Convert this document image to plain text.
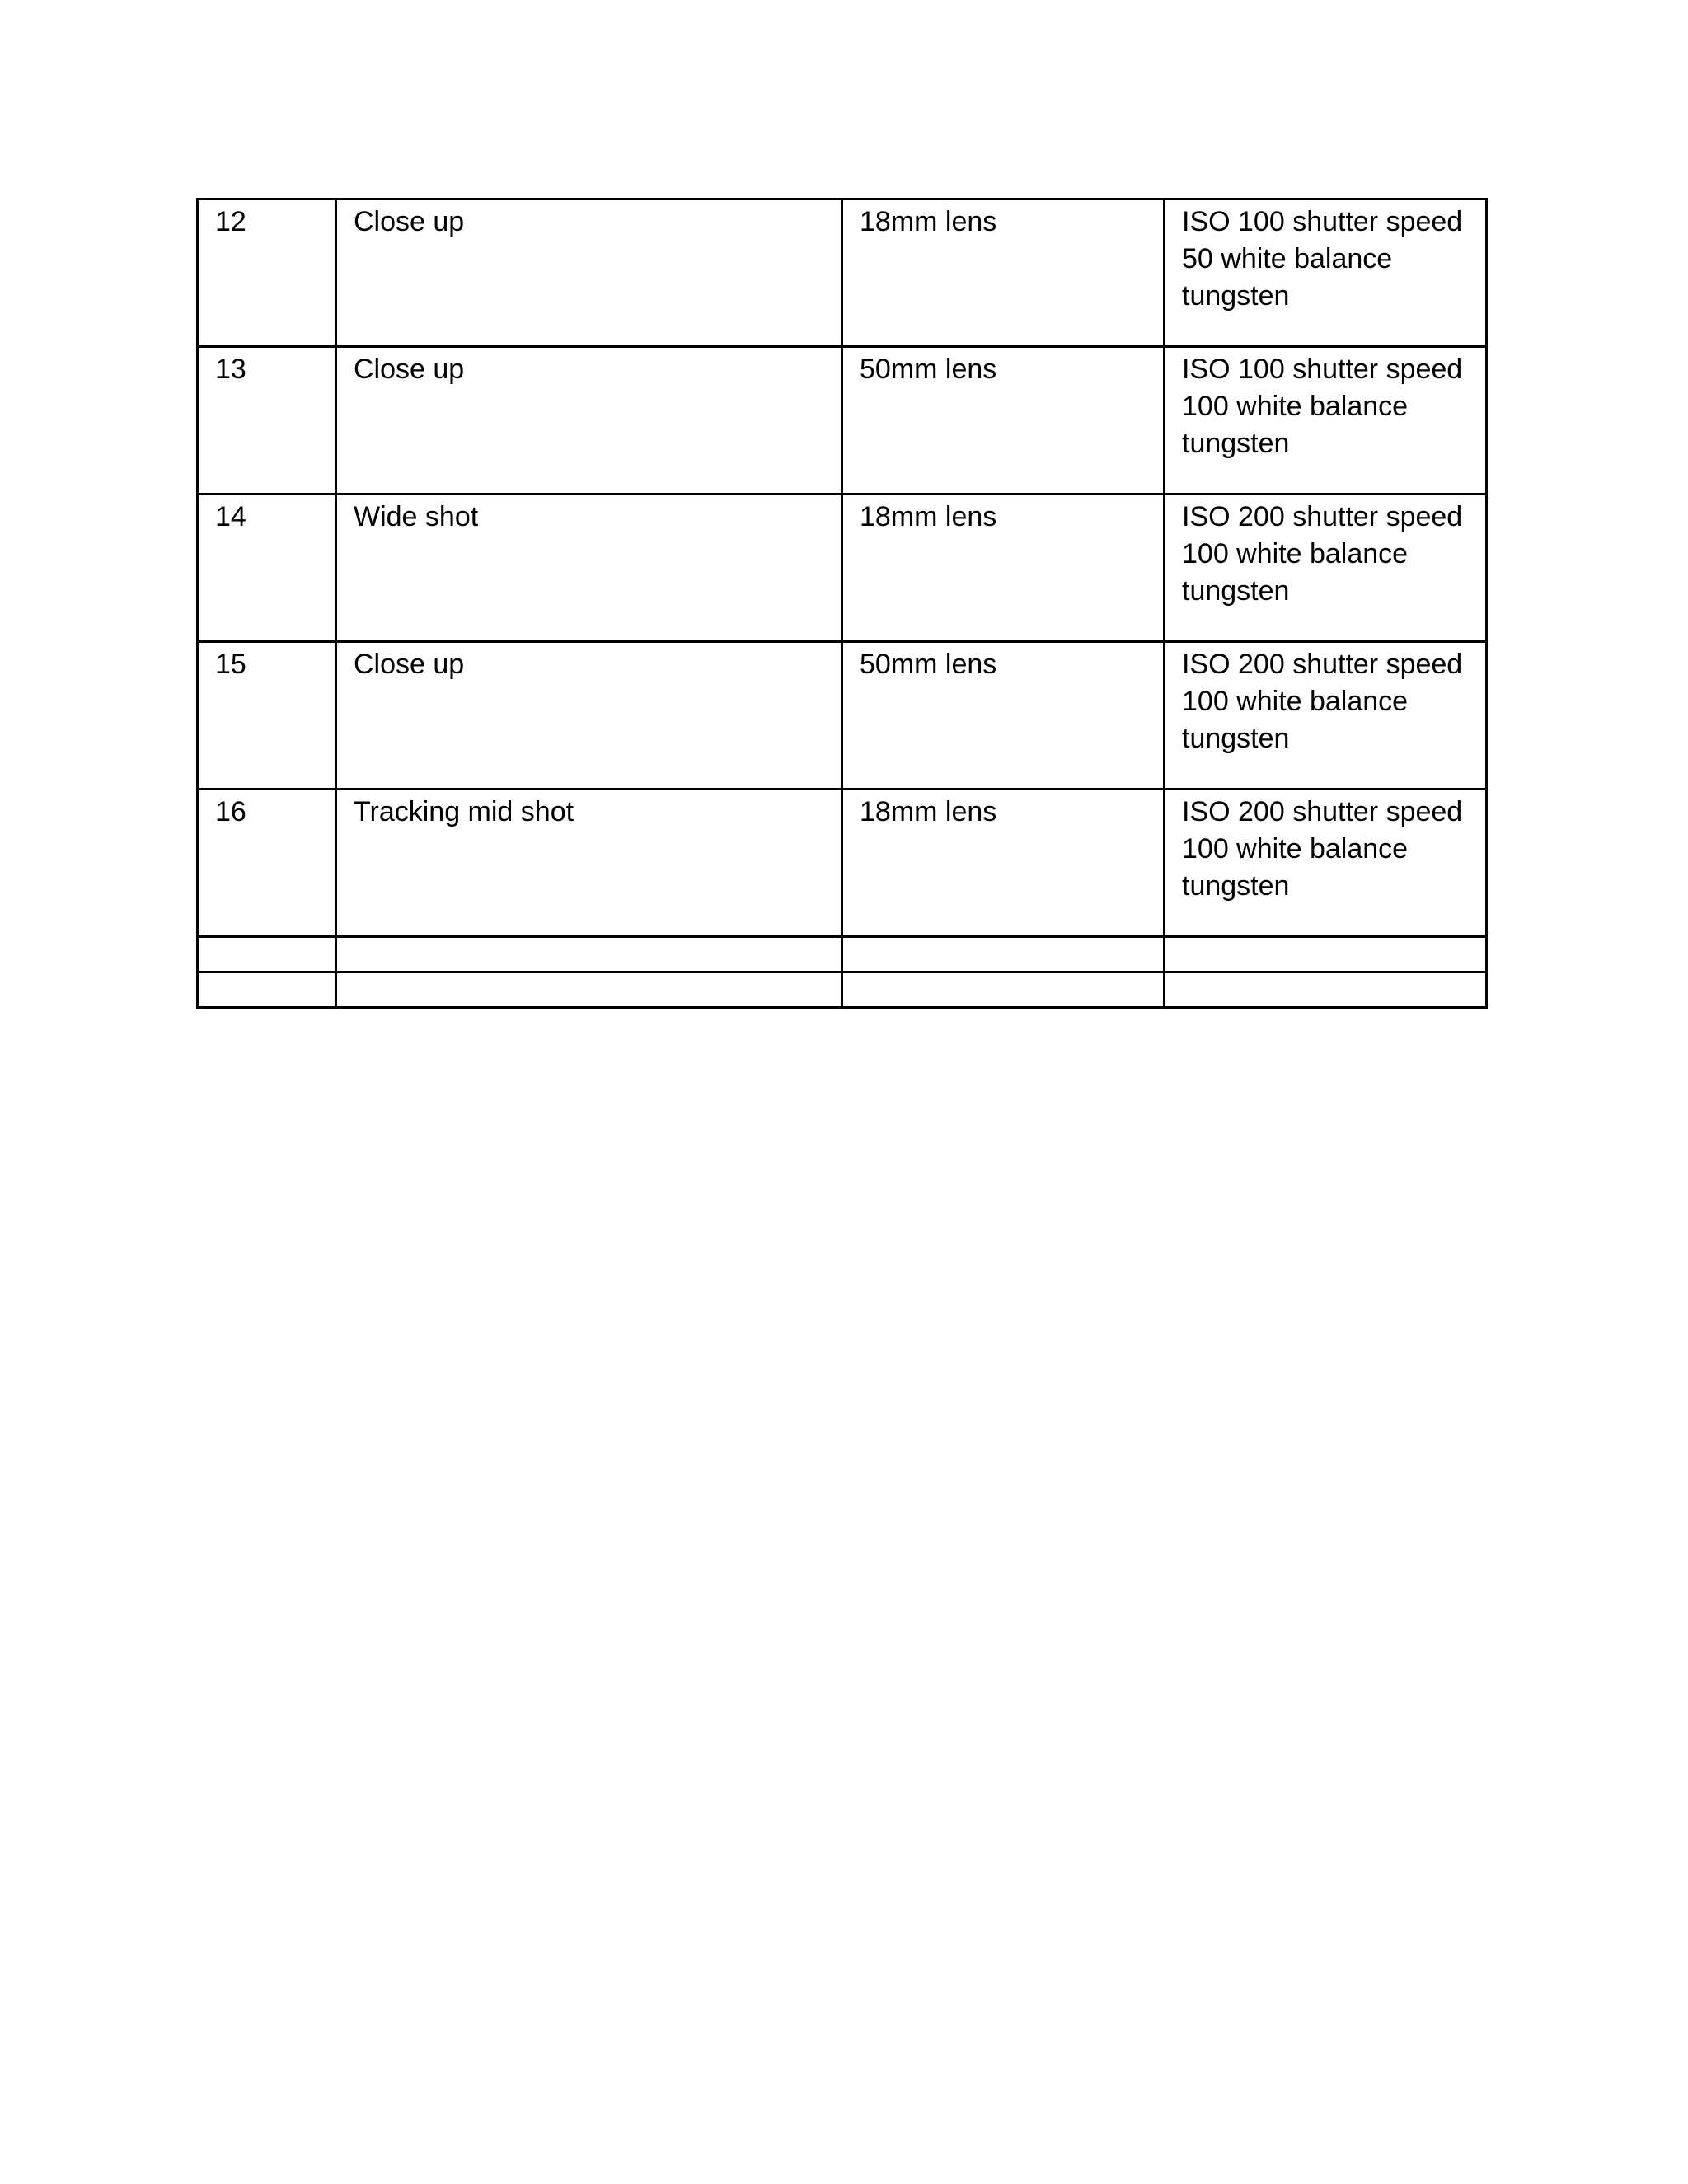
12	Close up	18mm lens	ISO 100 shutter speed
50 white balance
tungsten
13	Close up	50mm lens	ISO 100 shutter speed
100 white balance
tungsten
14	Wide shot	18mm lens	ISO 200 shutter speed
100 white balance
tungsten
15	Close up	50mm lens	ISO 200 shutter speed
100 white balance
tungsten
16	Tracking mid shot	18mm lens	ISO 200 shutter speed
100 white balance
tungsten
